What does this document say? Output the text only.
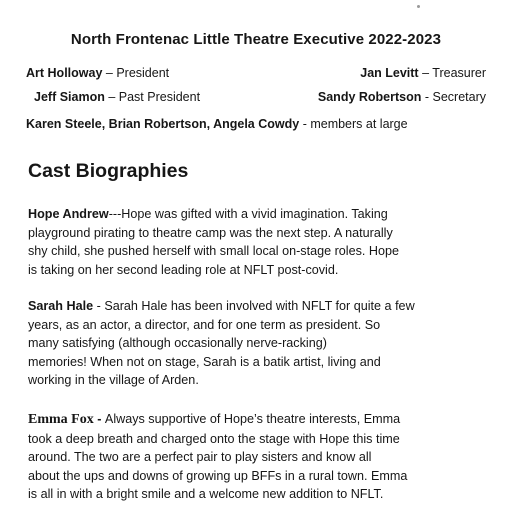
North Frontenac Little Theatre Executive 2022-2023
Art Holloway – President	Jan Levitt – Treasurer
Jeff Siamon – Past President	Sandy Robertson - Secretary
Karen Steele, Brian Robertson, Angela Cowdy - members at large
Cast Biographies
Hope Andrew---Hope was gifted with a vivid imagination. Taking
playground pirating to theatre camp was the next step. A naturally
shy child, she pushed herself with small local on-stage roles. Hope
is taking on her second leading role at NFLT post-covid.
Sarah Hale - Sarah Hale has been involved with NFLT for quite a few
years, as an actor, a director, and for one term as president. So
many satisfying (although occasionally nerve-racking)
memories! When not on stage, Sarah is a batik artist, living and
working in the village of Arden.
Emma Fox - Always supportive of Hope’s theatre interests, Emma
took a deep breath and charged onto the stage with Hope this time
around. The two are a perfect pair to play sisters and know all
about the ups and downs of growing up BFFs in a rural town. Emma
is all in with a bright smile and a welcome new addition to NFLT.
